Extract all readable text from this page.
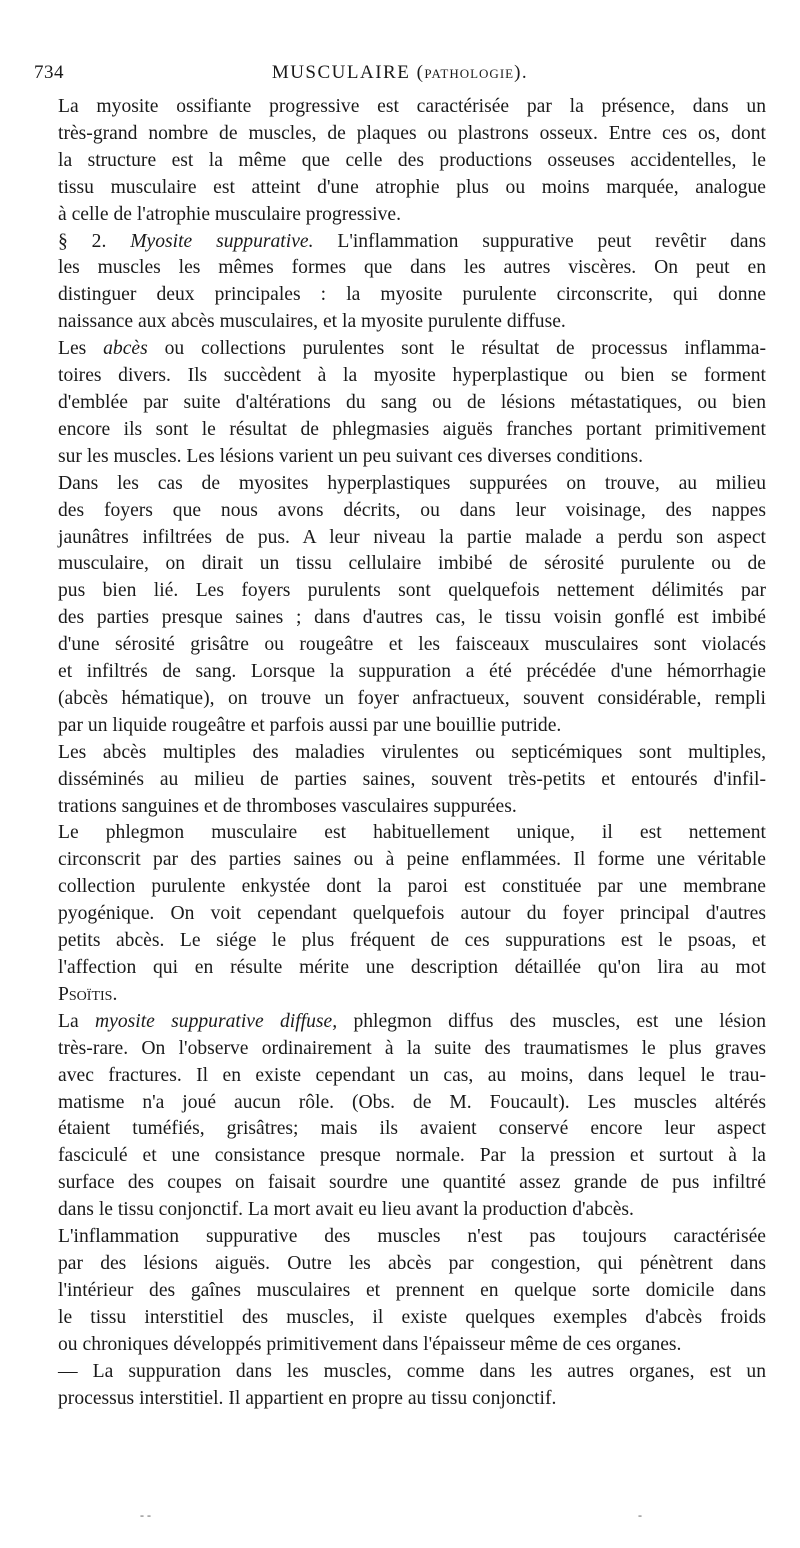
734	MUSCULAIRE (pathologie).

La myosite ossifiante progressive est caractérisée par la présence, dans un
très-grand nombre de muscles, de plaques ou plastrons osseux. Entre ces os, dont
la structure est la même que celle des productions osseuses accidentelles, le
tissu musculaire est atteint d'une atrophie plus ou moins marquée, analogue
à celle de l'atrophie musculaire progressive.

§ 2. Myosite suppurative. L'inflammation suppurative peut revêtir dans
les muscles les mêmes formes que dans les autres viscères. On peut en
distinguer deux principales : la myosite purulente circonscrite, qui donne
naissance aux abcès musculaires, et la myosite purulente diffuse.

Les abcès ou collections purulentes sont le résultat de processus inflamma-
toires divers. Ils succèdent à la myosite hyperplastique ou bien se forment
d'emblée par suite d'altérations du sang ou de lésions métastatiques, ou bien
encore ils sont le résultat de phlegmasies aiguës franches portant primitivement
sur les muscles. Les lésions varient un peu suivant ces diverses conditions.

Dans les cas de myosites hyperplastiques suppurées on trouve, au milieu
des foyers que nous avons décrits, ou dans leur voisinage, des nappes
jaunâtres infiltrées de pus. A leur niveau la partie malade a perdu son aspect
musculaire, on dirait un tissu cellulaire imbibé de sérosité purulente ou de
pus bien lié. Les foyers purulents sont quelquefois nettement délimités par
des parties presque saines ; dans d'autres cas, le tissu voisin gonflé est imbibé
d'une sérosité grisâtre ou rougeâtre et les faisceaux musculaires sont violacés
et infiltrés de sang. Lorsque la suppuration a été précédée d'une hémorrhagie
(abcès hématique), on trouve un foyer anfractueux, souvent considérable, rempli
par un liquide rougeâtre et parfois aussi par une bouillie putride.

Les abcès multiples des maladies virulentes ou septicémiques sont multiples,
disséminés au milieu de parties saines, souvent très-petits et entourés d'infil-
trations sanguines et de thromboses vasculaires suppurées.

Le phlegmon musculaire est habituellement unique, il est nettement
circonscrit par des parties saines ou à peine enflammées. Il forme une véritable
collection purulente enkystée dont la paroi est constituée par une membrane
pyogénique. On voit cependant quelquefois autour du foyer principal d'autres
petits abcès. Le siége le plus fréquent de ces suppurations est le psoas, et
l'affection qui en résulte mérite une description détaillée qu'on lira au mot
Psoïtis.

La myosite suppurative diffuse, phlegmon diffus des muscles, est une lésion
très-rare. On l'observe ordinairement à la suite des traumatismes le plus graves
avec fractures. Il en existe cependant un cas, au moins, dans lequel le trau-
matisme n'a joué aucun rôle. (Obs. de M. Foucault). Les muscles altérés
étaient tuméfiés, grisâtres; mais ils avaient conservé encore leur aspect
fasciculé et une consistance presque normale. Par la pression et surtout à la
surface des coupes on faisait sourdre une quantité assez grande de pus infiltré
dans le tissu conjonctif. La mort avait eu lieu avant la production d'abcès.

L'inflammation suppurative des muscles n'est pas toujours caractérisée
par des lésions aiguës. Outre les abcès par congestion, qui pénètrent dans
l'intérieur des gaînes musculaires et prennent en quelque sorte domicile dans
le tissu interstitiel des muscles, il existe quelques exemples d'abcès froids
ou chroniques développés primitivement dans l'épaisseur même de ces organes.

— La suppuration dans les muscles, comme dans les autres organes, est un
processus interstitiel. Il appartient en propre au tissu conjonctif.

- -	-
